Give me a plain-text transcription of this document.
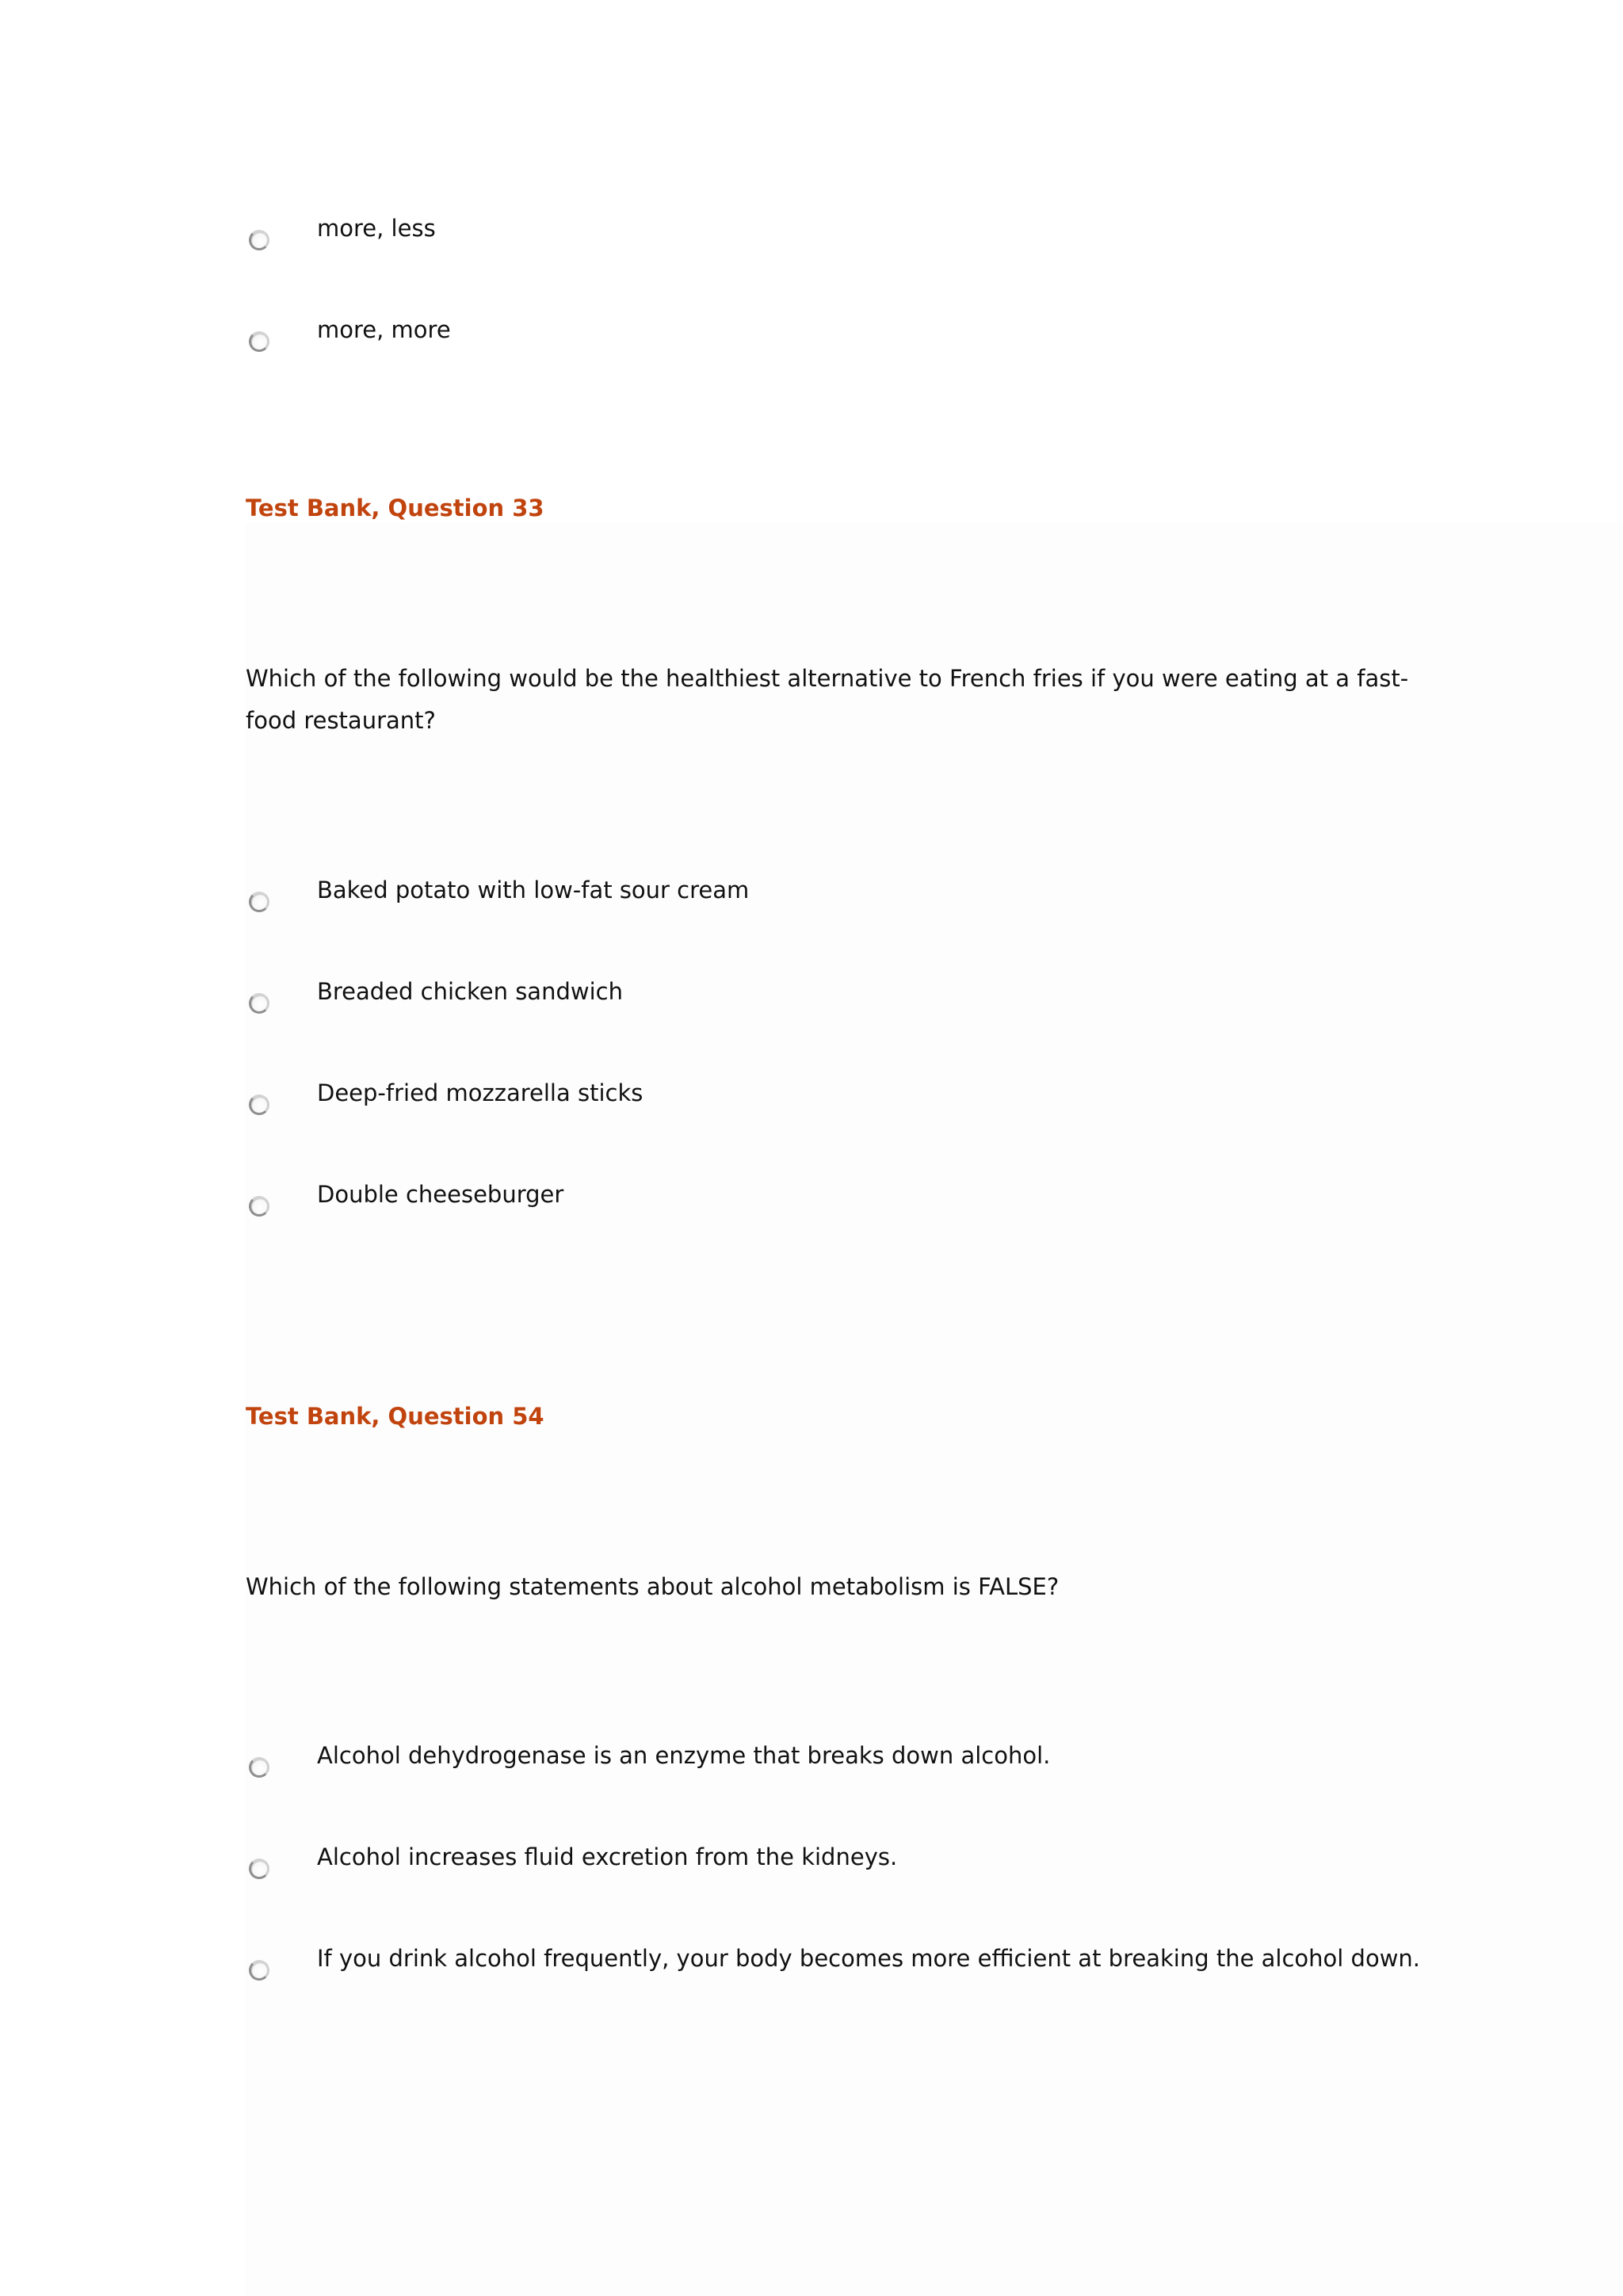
more, less
more, more
Test Bank, Question 33
Which of the following would be the healthiest alternative to French fries if you were eating at a fast-food restaurant?
Baked potato with low-fat sour cream
Breaded chicken sandwich
Deep-fried mozzarella sticks
Double cheeseburger
Test Bank, Question 54
Which of the following statements about alcohol metabolism is FALSE?
Alcohol dehydrogenase is an enzyme that breaks down alcohol.
Alcohol increases fluid excretion from the kidneys.
If you drink alcohol frequently, your body becomes more efficient at breaking the alcohol down.
